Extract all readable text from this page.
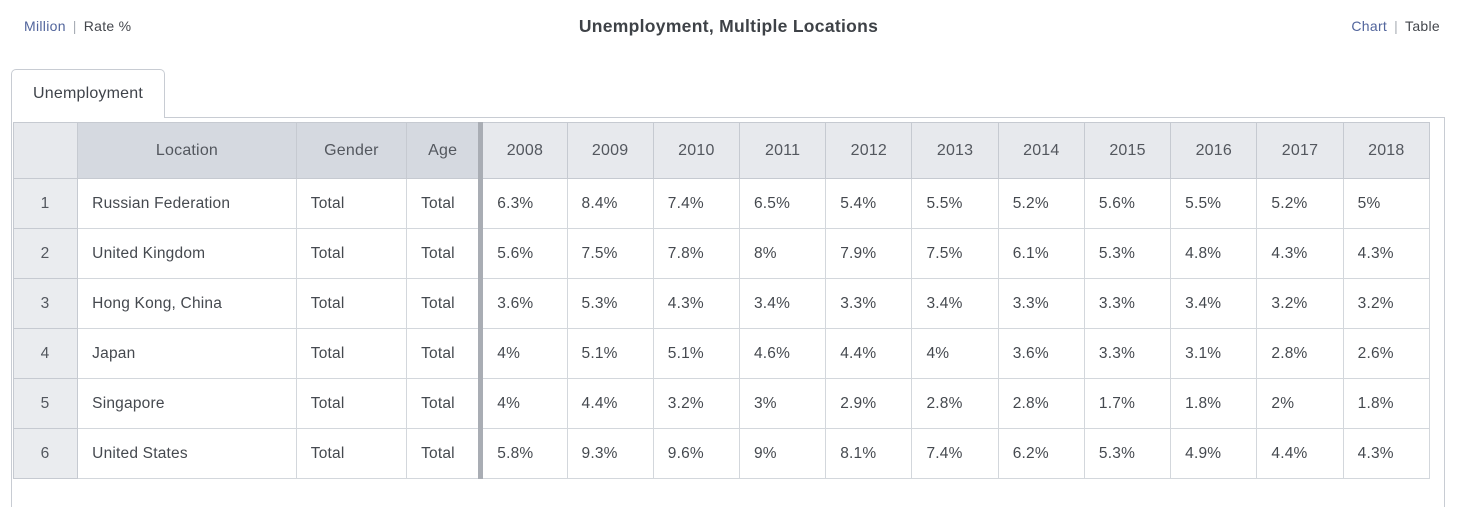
Million | Rate %	Unemployment, Multiple Locations	Chart | Table
Unemployment
	Location	Gender	Age	2008	2009	2010	2011	2012	2013	2014	2015	2016	2017	2018
1	Russian Federation	Total	Total	6.3%	8.4%	7.4%	6.5%	5.4%	5.5%	5.2%	5.6%	5.5%	5.2%	5%
2	United Kingdom	Total	Total	5.6%	7.5%	7.8%	8%	7.9%	7.5%	6.1%	5.3%	4.8%	4.3%	4.3%
3	Hong Kong, China	Total	Total	3.6%	5.3%	4.3%	3.4%	3.3%	3.4%	3.3%	3.3%	3.4%	3.2%	3.2%
4	Japan	Total	Total	4%	5.1%	5.1%	4.6%	4.4%	4%	3.6%	3.3%	3.1%	2.8%	2.6%
5	Singapore	Total	Total	4%	4.4%	3.2%	3%	2.9%	2.8%	2.8%	1.7%	1.8%	2%	1.8%
6	United States	Total	Total	5.8%	9.3%	9.6%	9%	8.1%	7.4%	6.2%	5.3%	4.9%	4.4%	4.3%
